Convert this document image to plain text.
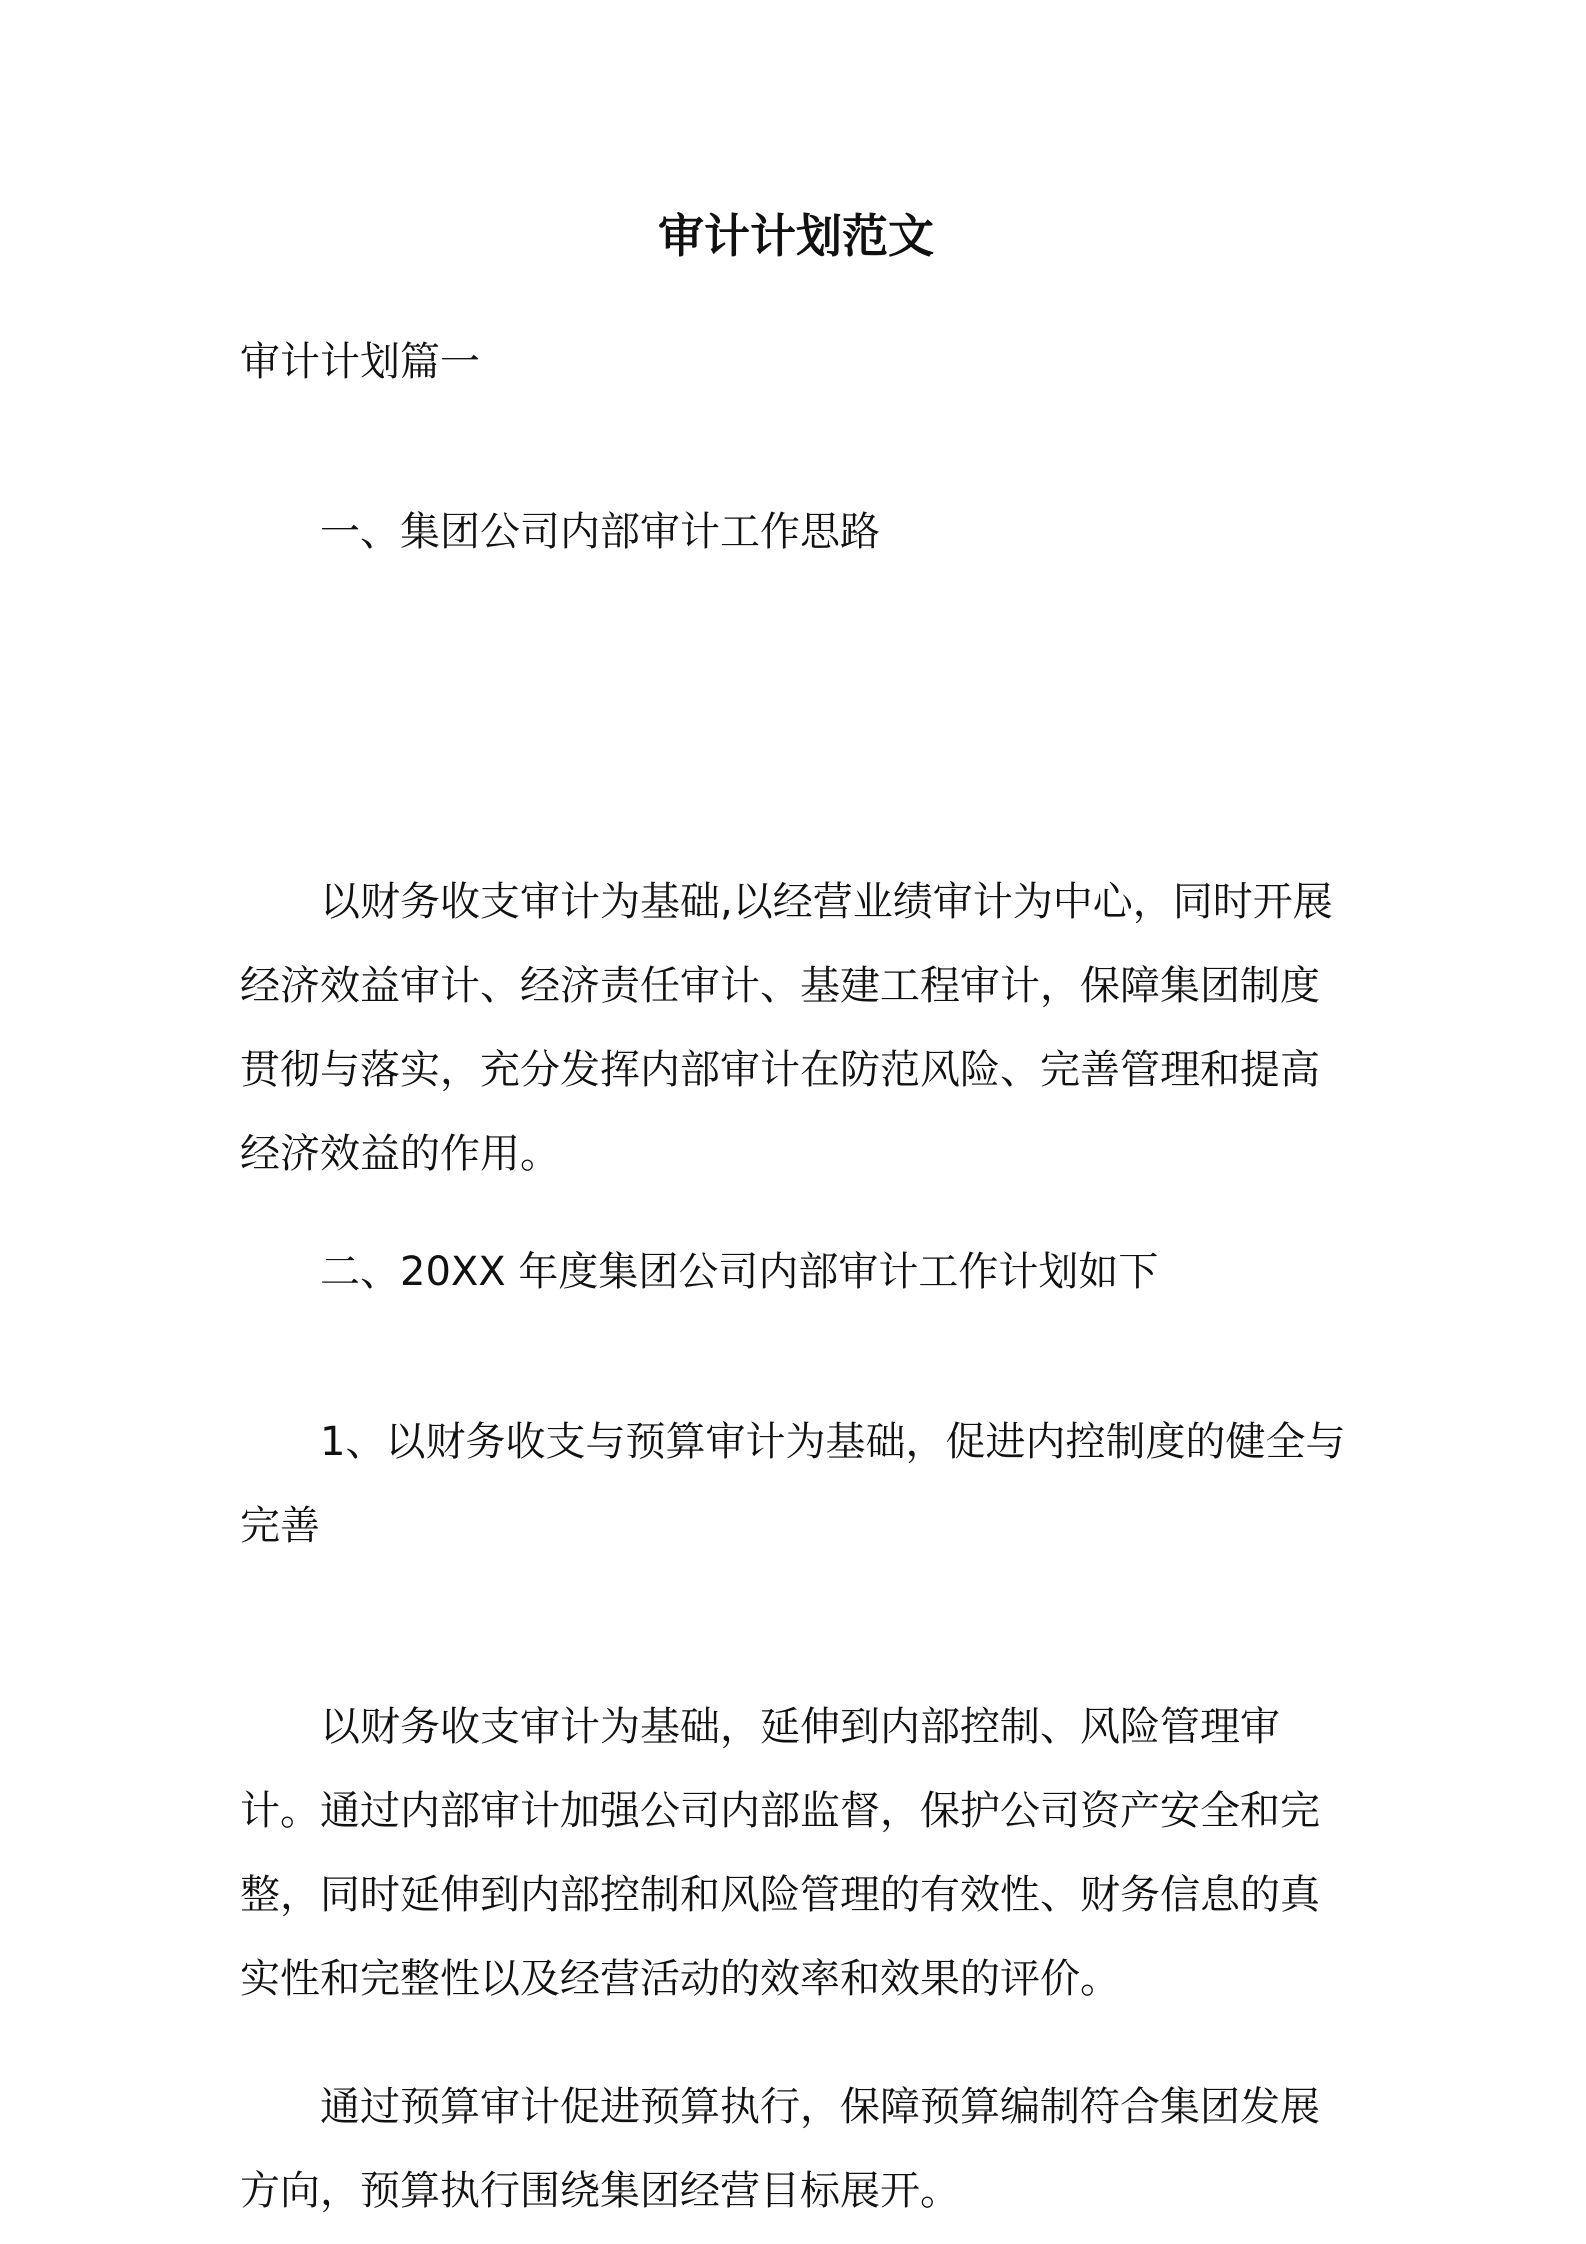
审计计划范文
审计计划篇一
一、集团公司内部审计工作思路
以财务收支审计为基础,以经营业绩审计为中心，同时开展经济效益审计、经济责任审计、基建工程审计，保障集团制度贯彻与落实，充分发挥内部审计在防范风险、完善管理和提高经济效益的作用。
二、20XX 年度集团公司内部审计工作计划如下
1、以财务收支与预算审计为基础，促进内控制度的健全与完善
以财务收支审计为基础，延伸到内部控制、风险管理审计。通过内部审计加强公司内部监督，保护公司资产安全和完整，同时延伸到内部控制和风险管理的有效性、财务信息的真实性和完整性以及经营活动的效率和效果的评价。
通过预算审计促进预算执行，保障预算编制符合集团发展方向，预算执行围绕集团经营目标展开。
